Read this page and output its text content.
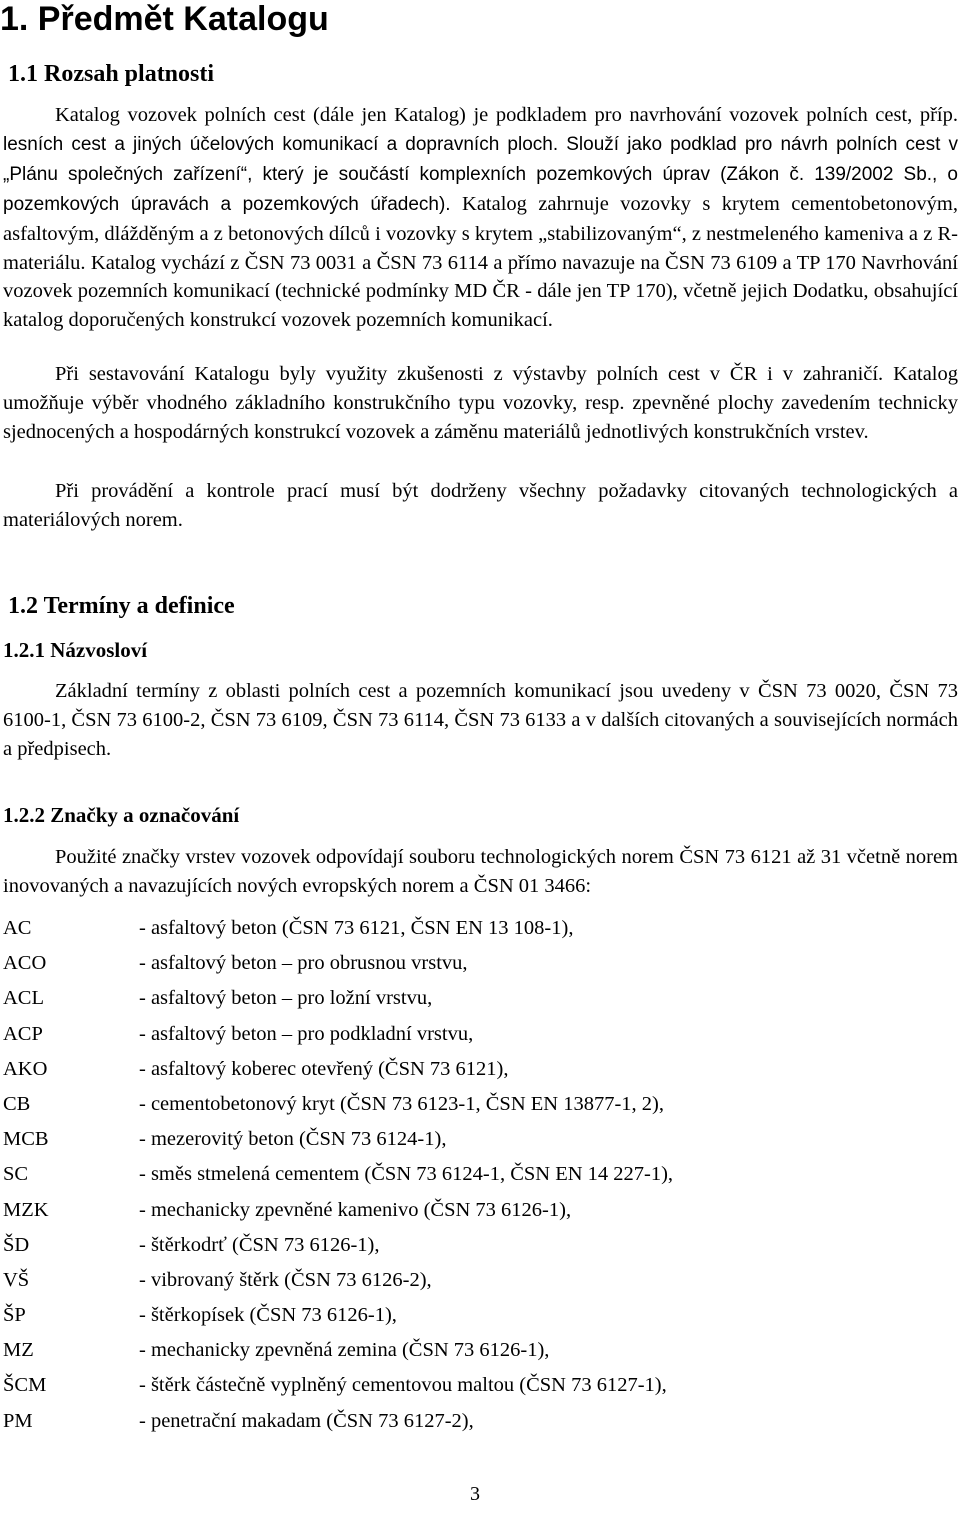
1. Předmět Katalogu
1.1 Rozsah platnosti

Katalog vozovek polních cest (dále jen Katalog) je podkladem pro navrhování vozovek polních cest, příp. lesních cest a jiných účelových komunikací a dopravních ploch. Slouží jako podklad pro návrh polních cest v „Plánu společných zařízení“, který je součástí komplexních pozemkových úprav (Zákon č. 139/2002 Sb., o pozemkových úpravách a pozemkových úřadech). Katalog zahrnuje vozovky s krytem cementobetonovým, asfaltovým, dlážděným a z betonových dílců i vozovky s krytem „stabilizovaným“, z nestmeleného kameniva a z R-materiálu. Katalog vychází z ČSN 73 0031 a ČSN 73 6114 a přímo navazuje na ČSN 73 6109 a TP 170 Navrhování vozovek pozemních komunikací (technické podmínky MD ČR - dále jen TP 170), včetně jejich Dodatku, obsahující katalog doporučených konstrukcí vozovek pozemních komunikací.

Při sestavování Katalogu byly využity zkušenosti z výstavby polních cest v ČR i v zahraničí. Katalog umožňuje výběr vhodného základního konstrukčního typu vozovky, resp. zpevněné plochy zavedením technicky sjednocených a hospodárných konstrukcí vozovek a záměnu materiálů jednotlivých konstrukčních vrstev.

Při provádění a kontrole prací musí být dodrženy všechny požadavky citovaných technologických a materiálových norem.

1.2 Termíny a definice
1.2.1 Názvosloví

Základní termíny z oblasti polních cest a pozemních komunikací jsou uvedeny v ČSN 73 0020, ČSN 73 6100-1, ČSN 73 6100-2, ČSN 73 6109, ČSN 73 6114, ČSN 73 6133 a v dalších citovaných a souvisejících normách a předpisech.

1.2.2 Značky a označování

Použité značky vrstev vozovek odpovídají souboru technologických norem ČSN 73 6121 až 31 včetně norem inovovaných a navazujících nových evropských norem a ČSN 01 3466:

AC	- asfaltový beton (ČSN 73 6121, ČSN EN 13 108-1),
ACO	- asfaltový beton – pro obrusnou vrstvu,
ACL	- asfaltový beton – pro ložní vrstvu,
ACP	- asfaltový beton – pro podkladní vrstvu,
AKO	- asfaltový koberec otevřený (ČSN 73 6121),
CB	- cementobetonový kryt (ČSN 73 6123-1, ČSN EN 13877-1, 2),
MCB	- mezerovitý beton (ČSN 73 6124-1),
SC	- směs stmelená cementem (ČSN 73 6124-1, ČSN EN 14 227-1),
MZK	- mechanicky zpevněné kamenivo (ČSN 73 6126-1),
ŠD	- štěrkodrť (ČSN 73 6126-1),
VŠ	- vibrovaný štěrk (ČSN 73 6126-2),
ŠP	- štěrkopísek (ČSN 73 6126-1),
MZ	- mechanicky zpevněná zemina (ČSN 73 6126-1),
ŠCM	- štěrk částečně vyplněný cementovou maltou (ČSN 73 6127-1),
PM	- penetrační makadam (ČSN 73 6127-2),
3
